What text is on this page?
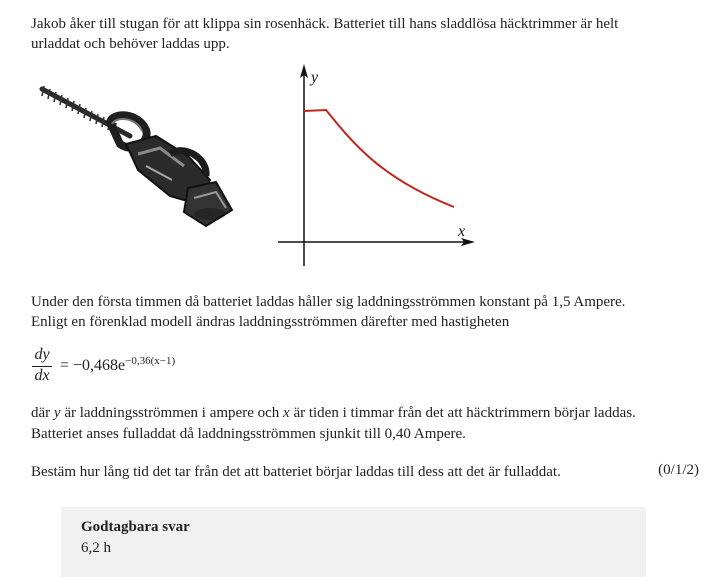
Jakob åker till stugan för att klippa sin rosenhäck. Batteriet till hans sladdlösa häcktrimmer är helt urladdat och behöver laddas upp.

y
x

Under den första timmen då batteriet laddas håller sig laddningsströmmen konstant på 1,5 Ampere. Enligt en förenklad modell ändras laddningsströmmen därefter med hastigheten

dy
dx
= $-0,468e^{-0,36(x-1)}$

där y är laddningsströmmen i ampere och x är tiden i timmar från det att häcktrimmern börjar laddas. Batteriet anses fulladdat då laddningsströmmen sjunkit till 0,40 Ampere.

Bestäm hur lång tid det tar från det att batteriet börjar laddas till dess att det är fulladdat.	(0/1/2)
Godtagbara svar
6,2 h
